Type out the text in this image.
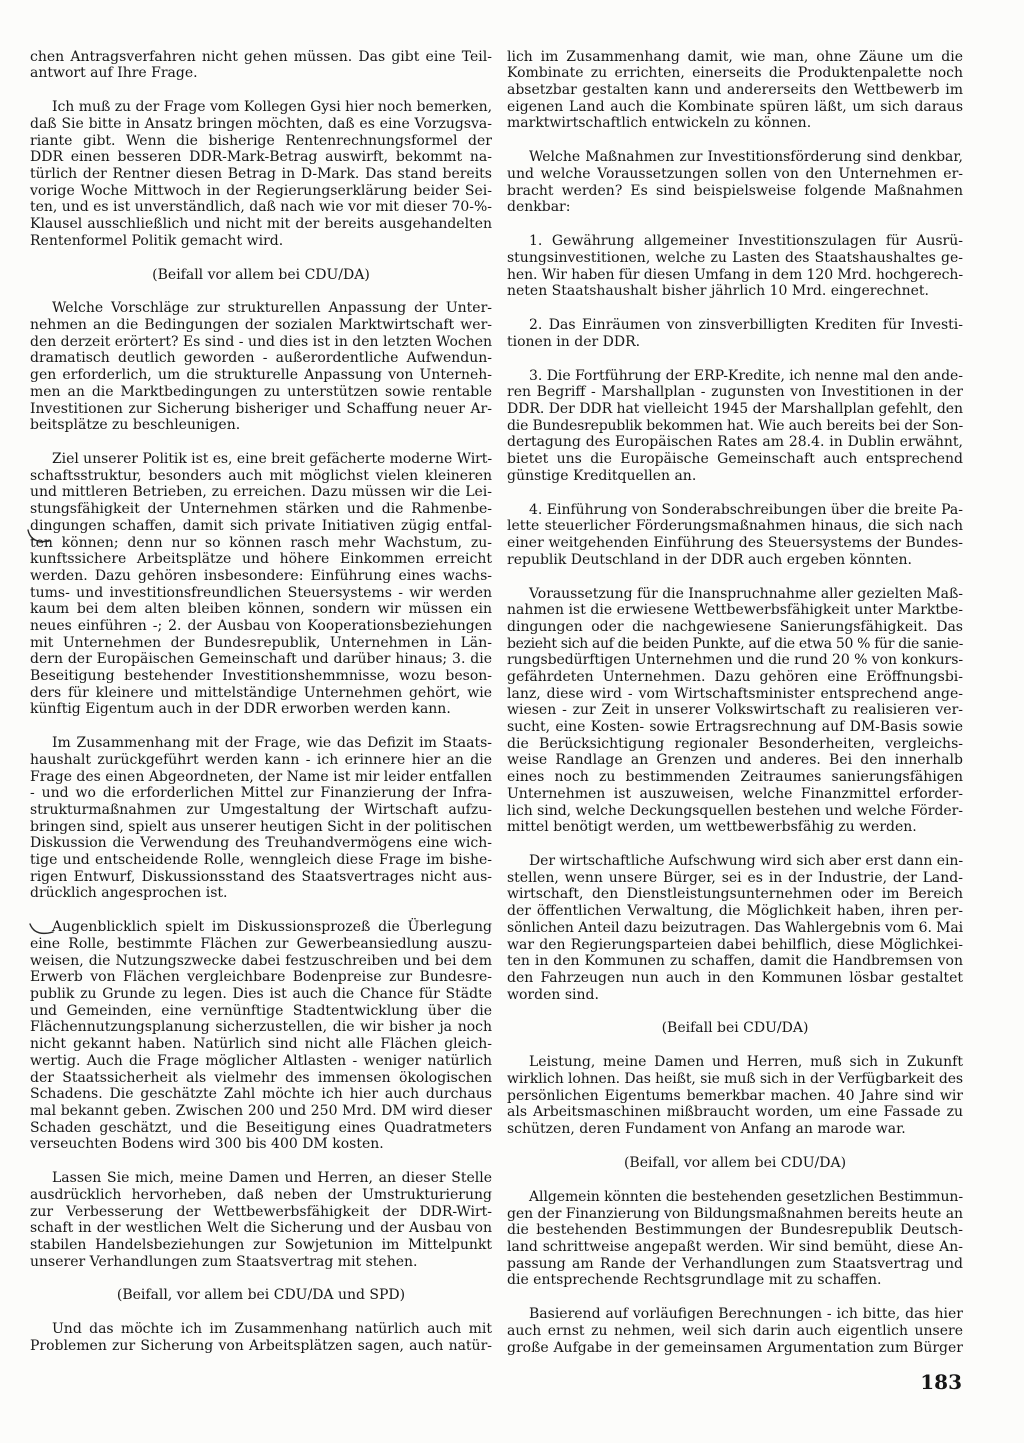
chen Antragsverfahren nicht gehen müssen. Das gibt eine Teil-
antwort auf Ihre Frage.
Ich muß zu der Frage vom Kollegen Gysi hier noch bemerken,
daß Sie bitte in Ansatz bringen möchten, daß es eine Vorzugsva-
riante gibt. Wenn die bisherige Rentenrechnungsformel der
DDR einen besseren DDR-Mark-Betrag auswirft, bekommt na-
türlich der Rentner diesen Betrag in D-Mark. Das stand bereits
vorige Woche Mittwoch in der Regierungserklärung beider Sei-
ten, und es ist unverständlich, daß nach wie vor mit dieser 70-%-
Klausel ausschließlich und nicht mit der bereits ausgehandelten
Rentenformel Politik gemacht wird.
(Beifall vor allem bei CDU/DA)
Welche Vorschläge zur strukturellen Anpassung der Unter-
nehmen an die Bedingungen der sozialen Marktwirtschaft wer-
den derzeit erörtert? Es sind - und dies ist in den letzten Wochen
dramatisch deutlich geworden - außerordentliche Aufwendun-
gen erforderlich, um die strukturelle Anpassung von Unterneh-
men an die Marktbedingungen zu unterstützen sowie rentable
Investitionen zur Sicherung bisheriger und Schaffung neuer Ar-
beitsplätze zu beschleunigen.
Ziel unserer Politik ist es, eine breit gefächerte moderne Wirt-
schaftsstruktur, besonders auch mit möglichst vielen kleineren
und mittleren Betrieben, zu erreichen. Dazu müssen wir die Lei-
stungsfähigkeit der Unternehmen stärken und die Rahmenbe-
dingungen schaffen, damit sich private Initiativen zügig entfal-
ten können; denn nur so können rasch mehr Wachstum, zu-
kunftssichere Arbeitsplätze und höhere Einkommen erreicht
werden. Dazu gehören insbesondere: Einführung eines wachs-
tums- und investitionsfreundlichen Steuersystems - wir werden
kaum bei dem alten bleiben können, sondern wir müssen ein
neues einführen -; 2. der Ausbau von Kooperationsbeziehungen
mit Unternehmen der Bundesrepublik, Unternehmen in Län-
dern der Europäischen Gemeinschaft und darüber hinaus; 3. die
Beseitigung bestehender Investitionshemmnisse, wozu beson-
ders für kleinere und mittelständige Unternehmen gehört, wie
künftig Eigentum auch in der DDR erworben werden kann.
Im Zusammenhang mit der Frage, wie das Defizit im Staats-
haushalt zurückgeführt werden kann - ich erinnere hier an die
Frage des einen Abgeordneten, der Name ist mir leider entfallen
- und wo die erforderlichen Mittel zur Finanzierung der Infra-
strukturmaßnahmen zur Umgestaltung der Wirtschaft aufzu-
bringen sind, spielt aus unserer heutigen Sicht in der politischen
Diskussion die Verwendung des Treuhandvermögens eine wich-
tige und entscheidende Rolle, wenngleich diese Frage im bishe-
rigen Entwurf, Diskussionsstand des Staatsvertrages nicht aus-
drücklich angesprochen ist.
Augenblicklich spielt im Diskussionsprozeß die Überlegung
eine Rolle, bestimmte Flächen zur Gewerbeansiedlung auszu-
weisen, die Nutzungszwecke dabei festzuschreiben und bei dem
Erwerb von Flächen vergleichbare Bodenpreise zur Bundesre-
publik zu Grunde zu legen. Dies ist auch die Chance für Städte
und Gemeinden, eine vernünftige Stadtentwicklung über die
Flächennutzungsplanung sicherzustellen, die wir bisher ja noch
nicht gekannt haben. Natürlich sind nicht alle Flächen gleich-
wertig. Auch die Frage möglicher Altlasten - weniger natürlich
der Staatssicherheit als vielmehr des immensen ökologischen
Schadens. Die geschätzte Zahl möchte ich hier auch durchaus
mal bekannt geben. Zwischen 200 und 250 Mrd. DM wird dieser
Schaden geschätzt, und die Beseitigung eines Quadratmeters
verseuchten Bodens wird 300 bis 400 DM kosten.
Lassen Sie mich, meine Damen und Herren, an dieser Stelle
ausdrücklich hervorheben, daß neben der Umstrukturierung
zur Verbesserung der Wettbewerbsfähigkeit der DDR-Wirt-
schaft in der westlichen Welt die Sicherung und der Ausbau von
stabilen Handelsbeziehungen zur Sowjetunion im Mittelpunkt
unserer Verhandlungen zum Staatsvertrag mit stehen.
(Beifall, vor allem bei CDU/DA und SPD)
Und das möchte ich im Zusammenhang natürlich auch mit
Problemen zur Sicherung von Arbeitsplätzen sagen, auch natür-
lich im Zusammenhang damit, wie man, ohne Zäune um die
Kombinate zu errichten, einerseits die Produktenpalette noch
absetzbar gestalten kann und andererseits den Wettbewerb im
eigenen Land auch die Kombinate spüren läßt, um sich daraus
marktwirtschaftlich entwickeln zu können.
Welche Maßnahmen zur Investitionsförderung sind denkbar,
und welche Voraussetzungen sollen von den Unternehmen er-
bracht werden? Es sind beispielsweise folgende Maßnahmen
denkbar:
1. Gewährung allgemeiner Investitionszulagen für Ausrü-
stungsinvestitionen, welche zu Lasten des Staatshaushaltes ge-
hen. Wir haben für diesen Umfang in dem 120 Mrd. hochgerech-
neten Staatshaushalt bisher jährlich 10 Mrd. eingerechnet.
2. Das Einräumen von zinsverbilligten Krediten für Investi-
tionen in der DDR.
3. Die Fortführung der ERP-Kredite, ich nenne mal den ande-
ren Begriff - Marshallplan - zugunsten von Investitionen in der
DDR. Der DDR hat vielleicht 1945 der Marshallplan gefehlt, den
die Bundesrepublik bekommen hat. Wie auch bereits bei der Son-
dertagung des Europäischen Rates am 28.4. in Dublin erwähnt,
bietet uns die Europäische Gemeinschaft auch entsprechend
günstige Kreditquellen an.
4. Einführung von Sonderabschreibungen über die breite Pa-
lette steuerlicher Förderungsmaßnahmen hinaus, die sich nach
einer weitgehenden Einführung des Steuersystems der Bundes-
republik Deutschland in der DDR auch ergeben könnten.
Voraussetzung für die Inanspruchnahme aller gezielten Maß-
nahmen ist die erwiesene Wettbewerbsfähigkeit unter Marktbe-
dingungen oder die nachgewiesene Sanierungsfähigkeit. Das
bezieht sich auf die beiden Punkte, auf die etwa 50 % für die sanie-
rungsbedürftigen Unternehmen und die rund 20 % von konkurs-
gefährdeten Unternehmen. Dazu gehören eine Eröffnungsbi-
lanz, diese wird - vom Wirtschaftsminister entsprechend ange-
wiesen - zur Zeit in unserer Volkswirtschaft zu realisieren ver-
sucht, eine Kosten- sowie Ertragsrechnung auf DM-Basis sowie
die Berücksichtigung regionaler Besonderheiten, vergleichs-
weise Randlage an Grenzen und anderes. Bei den innerhalb
eines noch zu bestimmenden Zeitraumes sanierungsfähigen
Unternehmen ist auszuweisen, welche Finanzmittel erforder-
lich sind, welche Deckungsquellen bestehen und welche Förder-
mittel benötigt werden, um wettbewerbsfähig zu werden.
Der wirtschaftliche Aufschwung wird sich aber erst dann ein-
stellen, wenn unsere Bürger, sei es in der Industrie, der Land-
wirtschaft, den Dienstleistungsunternehmen oder im Bereich
der öffentlichen Verwaltung, die Möglichkeit haben, ihren per-
sönlichen Anteil dazu beizutragen. Das Wahlergebnis vom 6. Mai
war den Regierungsparteien dabei behilflich, diese Möglichkei-
ten in den Kommunen zu schaffen, damit die Handbremsen von
den Fahrzeugen nun auch in den Kommunen lösbar gestaltet
worden sind.
(Beifall bei CDU/DA)
Leistung, meine Damen und Herren, muß sich in Zukunft
wirklich lohnen. Das heißt, sie muß sich in der Verfügbarkeit des
persönlichen Eigentums bemerkbar machen. 40 Jahre sind wir
als Arbeitsmaschinen mißbraucht worden, um eine Fassade zu
schützen, deren Fundament von Anfang an marode war.
(Beifall, vor allem bei CDU/DA)
Allgemein könnten die bestehenden gesetzlichen Bestimmun-
gen der Finanzierung von Bildungsmaßnahmen bereits heute an
die bestehenden Bestimmungen der Bundesrepublik Deutsch-
land schrittweise angepaßt werden. Wir sind bemüht, diese An-
passung am Rande der Verhandlungen zum Staatsvertrag und
die entsprechende Rechtsgrundlage mit zu schaffen.
Basierend auf vorläufigen Berechnungen - ich bitte, das hier
auch ernst zu nehmen, weil sich darin auch eigentlich unsere
große Aufgabe in der gemeinsamen Argumentation zum Bürger
183
